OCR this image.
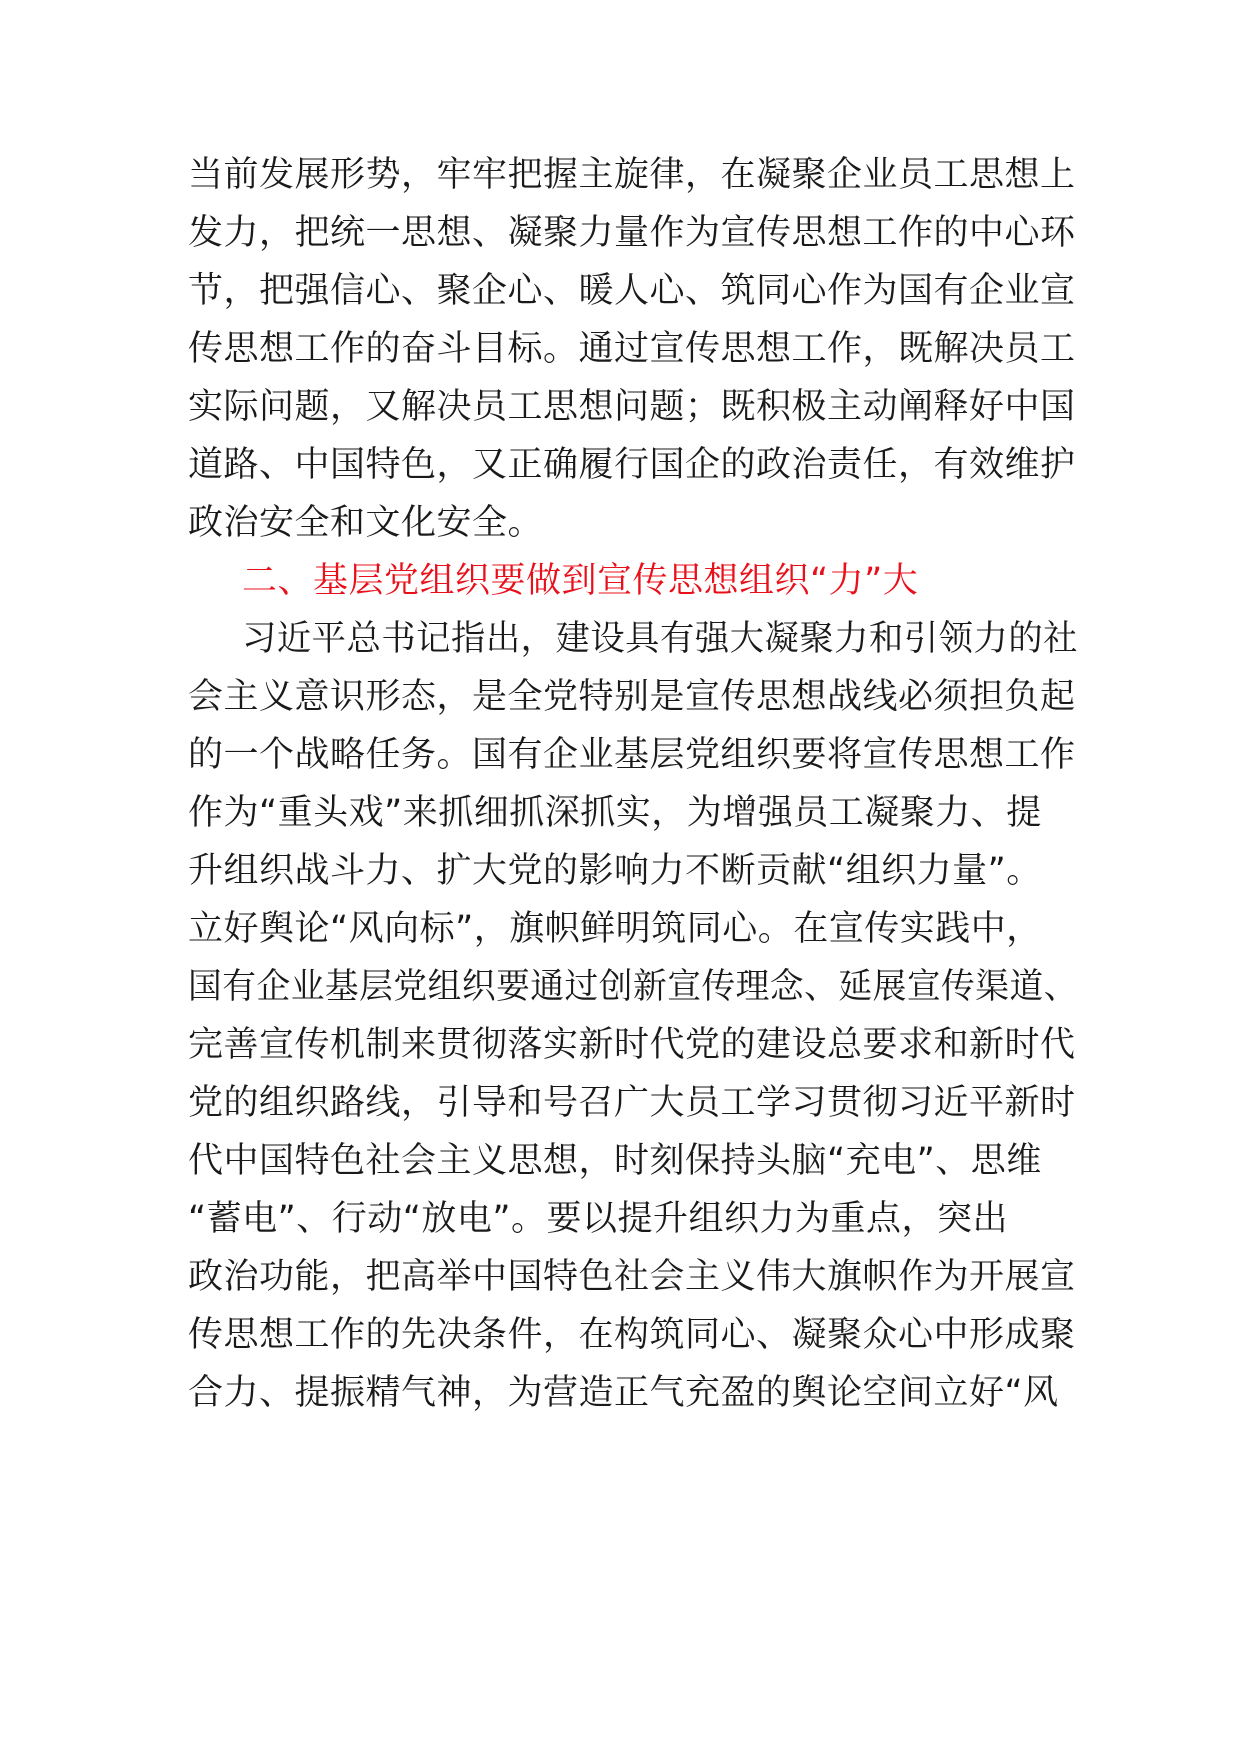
当前发展形势，牢牢把握主旋律，在凝聚企业员工思想上
发力，把统一思想、凝聚力量作为宣传思想工作的中心环
节，把强信心、聚企心、暖人心、筑同心作为国有企业宣
传思想工作的奋斗目标。通过宣传思想工作，既解决员工
实际问题，又解决员工思想问题；既积极主动阐释好中国
道路、中国特色，又正确履行国企的政治责任，有效维护
政治安全和文化安全。
二、基层党组织要做到宣传思想组织“力”大
习近平总书记指出，建设具有强大凝聚力和引领力的社
会主义意识形态，是全党特别是宣传思想战线必须担负起
的一个战略任务。国有企业基层党组织要将宣传思想工作
作为“重头戏”来抓细抓深抓实，为增强员工凝聚力、提
升组织战斗力、扩大党的影响力不断贡献“组织力量”。
立好舆论“风向标”，旗帜鲜明筑同心。在宣传实践中，
国有企业基层党组织要通过创新宣传理念、延展宣传渠道、
完善宣传机制来贯彻落实新时代党的建设总要求和新时代
党的组织路线，引导和号召广大员工学习贯彻习近平新时
代中国特色社会主义思想，时刻保持头脑“充电”、思维
“蓄电”、行动“放电”。要以提升组织力为重点，突出
政治功能，把高举中国特色社会主义伟大旗帜作为开展宣
传思想工作的先决条件，在构筑同心、凝聚众心中形成聚
合力、提振精气神，为营造正气充盈的舆论空间立好“风
